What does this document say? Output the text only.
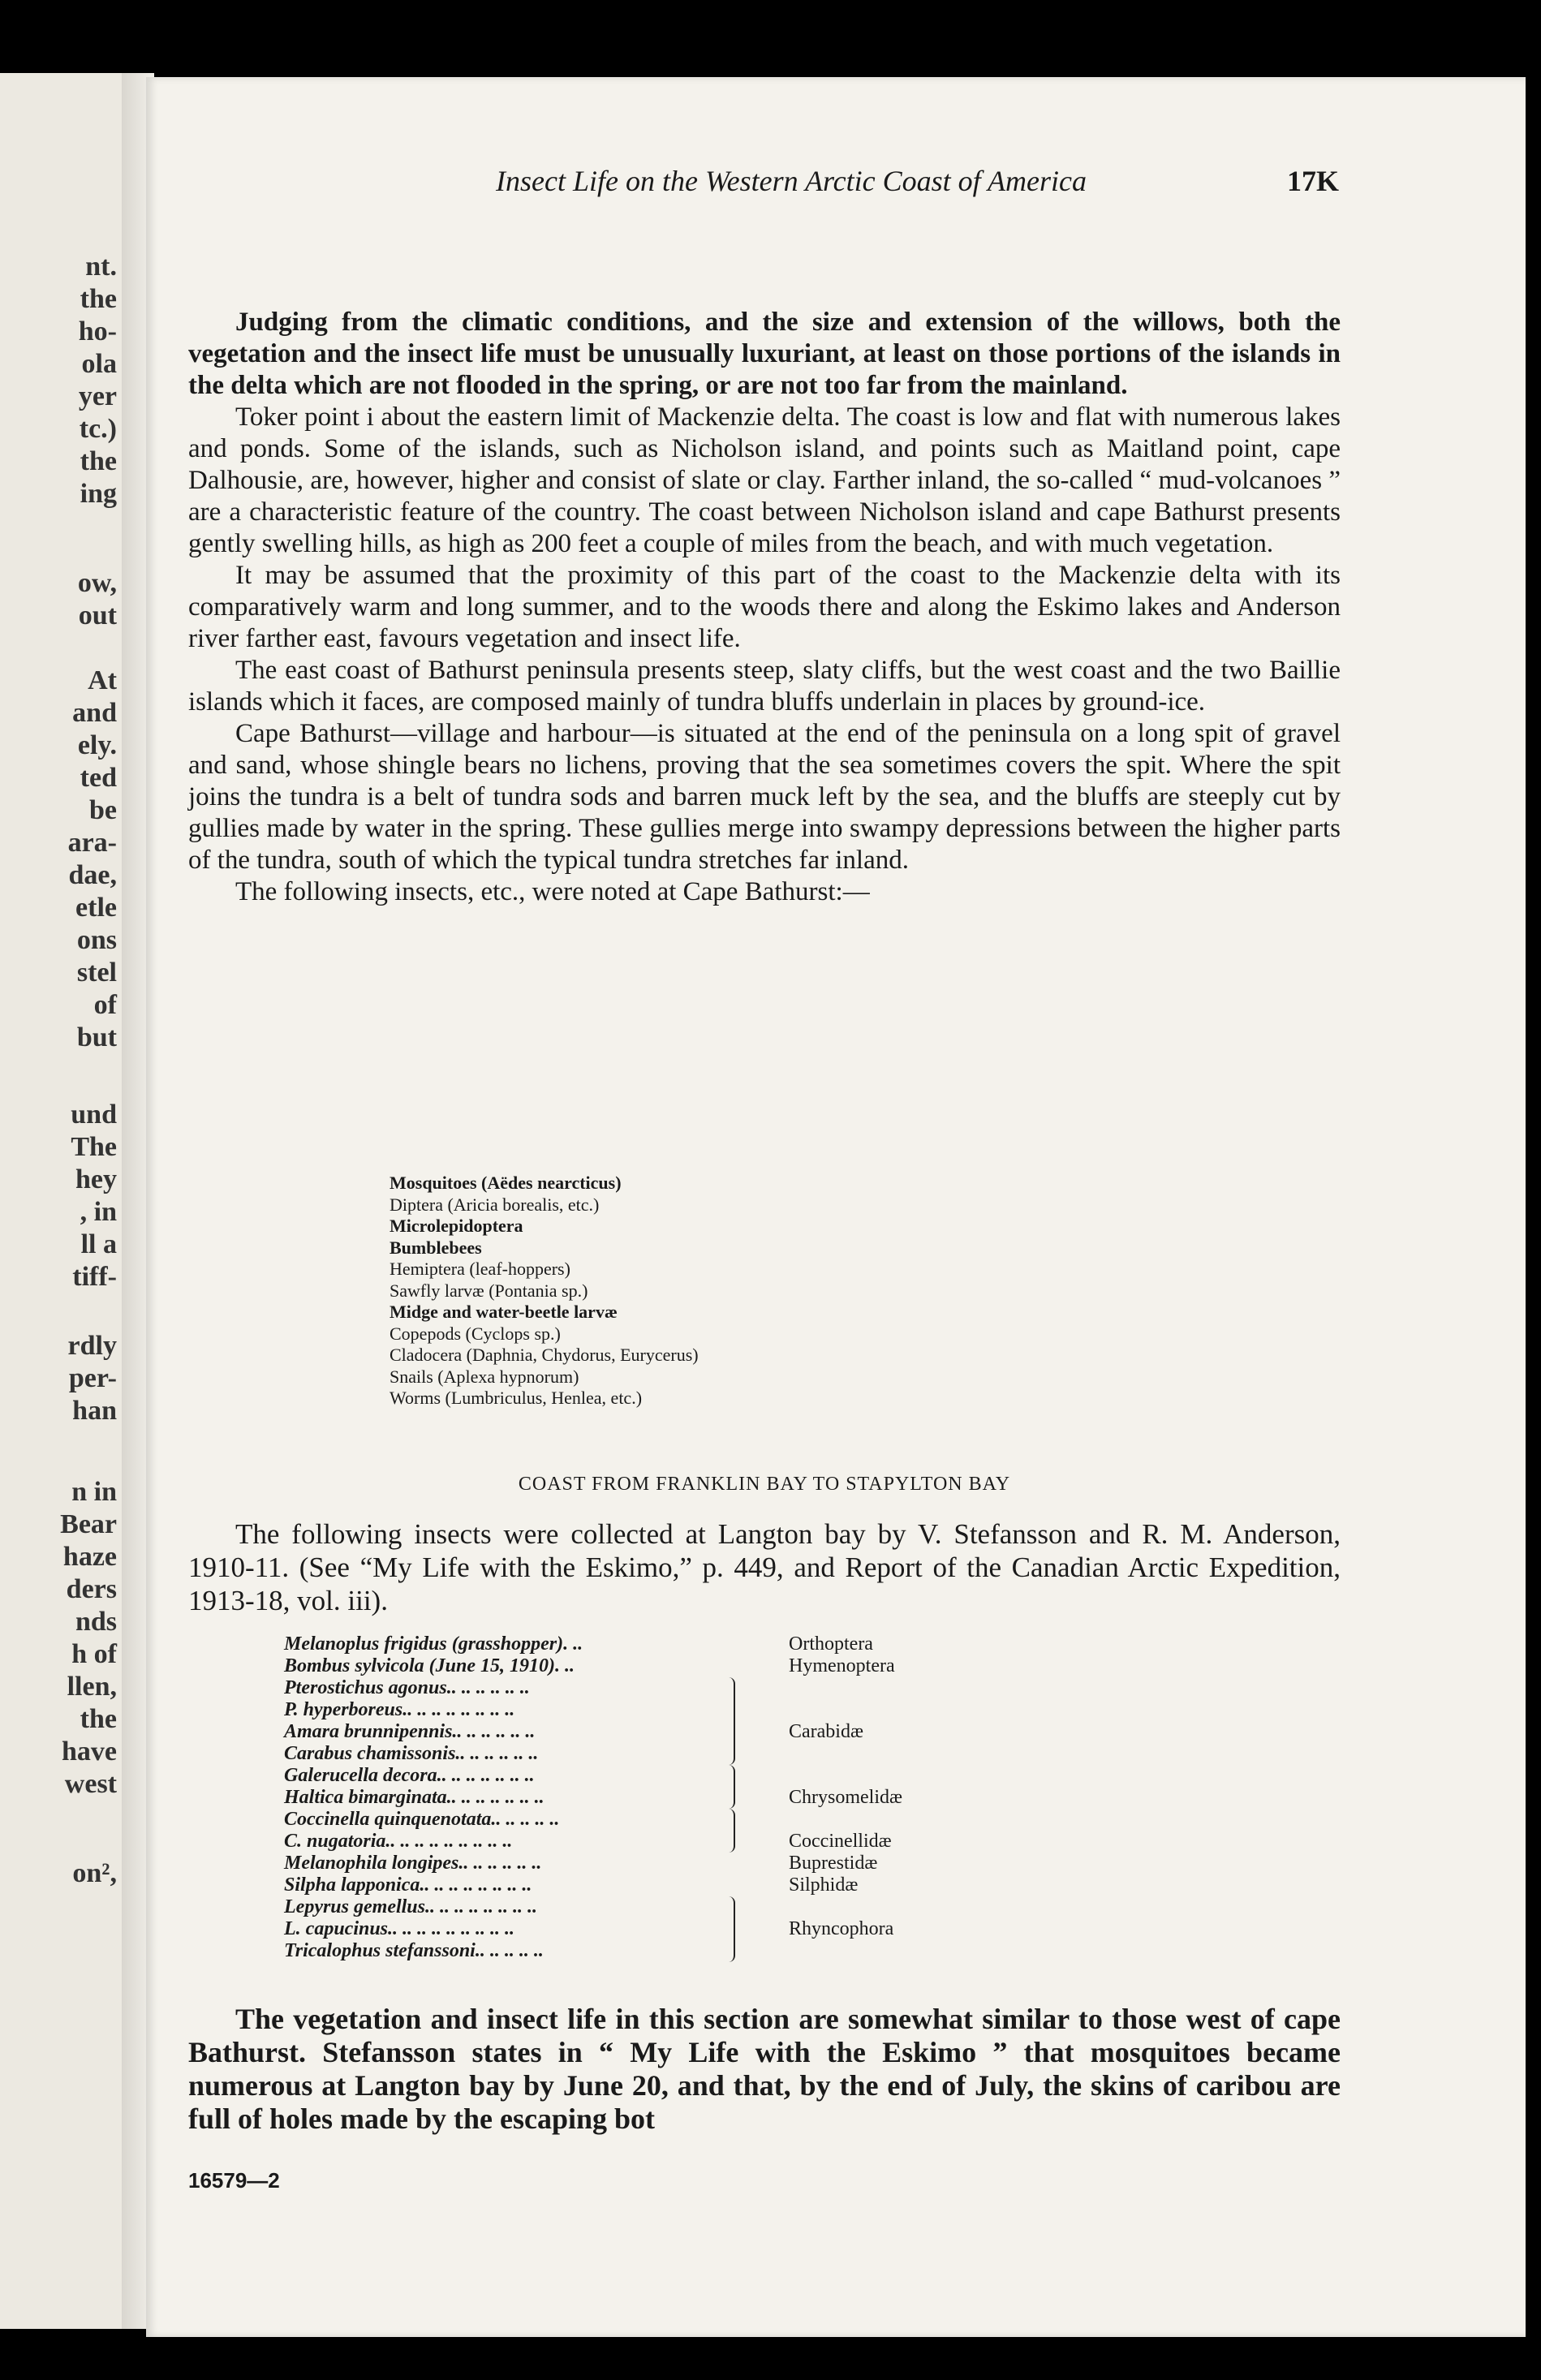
nt.
the
ho-
ola
yer
tc.)
the
ing
ow,
out
At
and
ely.
ted
be
ara-
dae,
etle
ons
stel
of
but
und
The
hey
, in
ll a
tiff-
rdly
per-
han
n in
Bear
haze
ders
nds
h of
llen,
the
have
west
on²,
Insect Life on the Western Arctic Coast of America	17K

Judging from the climatic conditions, and the size and extension of the willows, both the vegetation and the insect life must be unusually luxuriant, at least on those portions of the islands in the delta which are not flooded in the spring, or are not too far from the mainland.

Toker point i about the eastern limit of Mackenzie delta. The coast is low and flat with numerous lakes and ponds. Some of the islands, such as Nicholson island, and points such as Maitland point, cape Dalhousie, are, however, higher and consist of slate or clay. Farther inland, the so-called “ mud-volcanoes ” are a characteristic feature of the country. The coast between Nicholson island and cape Bathurst presents gently swelling hills, as high as 200 feet a couple of miles from the beach, and with much vegetation.

It may be assumed that the proximity of this part of the coast to the Mackenzie delta with its comparatively warm and long summer, and to the woods there and along the Eskimo lakes and Anderson river farther east, favours vegetation and insect life.

The east coast of Bathurst peninsula presents steep, slaty cliffs, but the west coast and the two Baillie islands which it faces, are composed mainly of tundra bluffs underlain in places by ground-ice.

Cape Bathurst—village and harbour—is situated at the end of the peninsula on a long spit of gravel and sand, whose shingle bears no lichens, proving that the sea sometimes covers the spit. Where the spit joins the tundra is a belt of tundra sods and barren muck left by the sea, and the bluffs are steeply cut by gullies made by water in the spring. These gullies merge into swampy depressions between the higher parts of the tundra, south of which the typical tundra stretches far inland.

The following insects, etc., were noted at Cape Bathurst:—

Mosquitoes (Aëdes nearcticus)
Diptera (Aricia borealis, etc.)
Microlepidoptera
Bumblebees
Hemiptera (leaf-hoppers)
Sawfly larvæ (Pontania sp.)
Midge and water-beetle larvæ
Copepods (Cyclops sp.)
Cladocera (Daphnia, Chydorus, Eurycerus)
Snails (Aplexa hypnorum)
Worms (Lumbriculus, Henlea, etc.)
COAST FROM FRANKLIN BAY TO STAPYLTON BAY

The following insects were collected at Langton bay by V. Stefansson and R. M. Anderson, 1910-11. (See “My Life with the Eskimo,” p. 449, and Report of the Canadian Arctic Expedition, 1913-18, vol. iii).

Melanoplus frigidus (grasshopper). ..	Orthoptera
Bombus sylvicola (June 15, 1910). ..	Hymenoptera
Pterostichus agonus.. .. .. .. .. ..
P. hyperboreus.. .. .. .. .. .. .. ..
Amara brunnipennis.. .. .. .. .. ..	Carabidæ
Carabus chamissonis.. .. .. .. .. ..
Galerucella decora.. .. .. .. .. .. ..
Haltica bimarginata.. .. .. .. .. .. ..	Chrysomelidæ
Coccinella quinquenotata.. .. .. .. ..
C. nugatoria.. .. .. .. .. .. .. .. ..	Coccinellidæ
Melanophila longipes.. .. .. .. .. ..	Buprestidæ
Silpha lapponica.. .. .. .. .. .. .. ..	Silphidæ
Lepyrus gemellus.. .. .. .. .. .. .. ..
L. capucinus.. .. .. .. .. .. .. .. ..	Rhyncophora
Tricalophus stefanssoni.. .. .. .. ..

The vegetation and insect life in this section are somewhat similar to those west of cape Bathurst. Stefansson states in “ My Life with the Eskimo ” that mosquitoes became numerous at Langton bay by June 20, and that, by the end of July, the skins of caribou are full of holes made by the escaping bot

16579—2
